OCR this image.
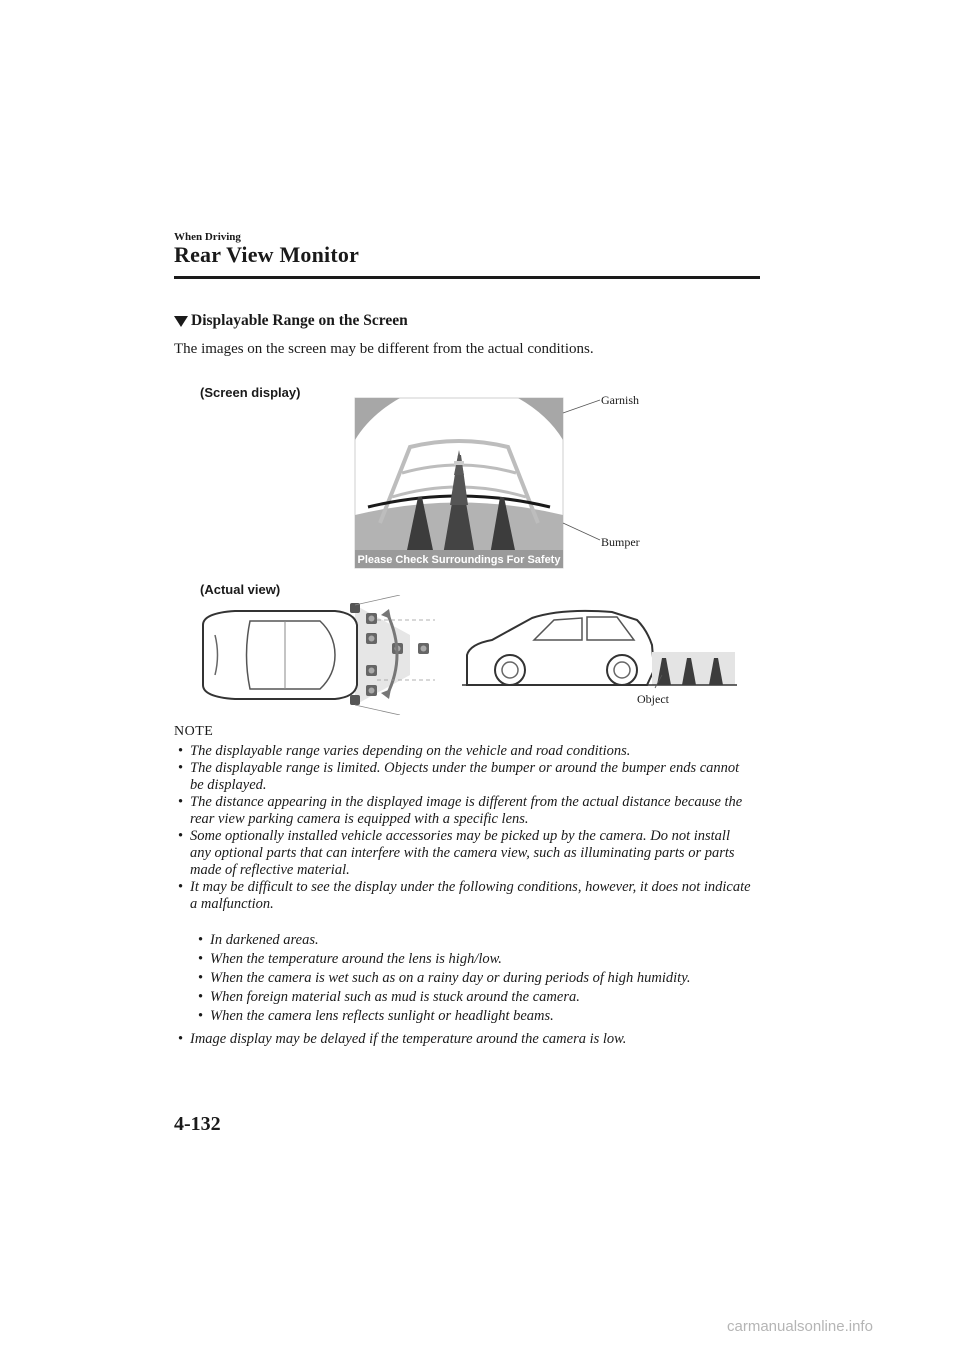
When Driving
Rear View Monitor
Displayable Range on the Screen
The images on the screen may be different from the actual conditions.
(Screen display)
(Actual view)
Garnish
Bumper
Object
Please Check Surroundings For Safety
NOTE
• The displayable range varies depending on the vehicle and road conditions.
• The displayable range is limited. Objects under the bumper or around the bumper ends cannot be displayed.
• The distance appearing in the displayed image is different from the actual distance because the rear view parking camera is equipped with a specific lens.
• Some optionally installed vehicle accessories may be picked up by the camera. Do not install any optional parts that can interfere with the camera view, such as illuminating parts or parts made of reflective material.
• It may be difficult to see the display under the following conditions, however, it does not indicate a malfunction.
• In darkened areas.
• When the temperature around the lens is high/low.
• When the camera is wet such as on a rainy day or during periods of high humidity.
• When foreign material such as mud is stuck around the camera.
• When the camera lens reflects sunlight or headlight beams.
• Image display may be delayed if the temperature around the camera is low.
4-132
carmanualsonline.info
